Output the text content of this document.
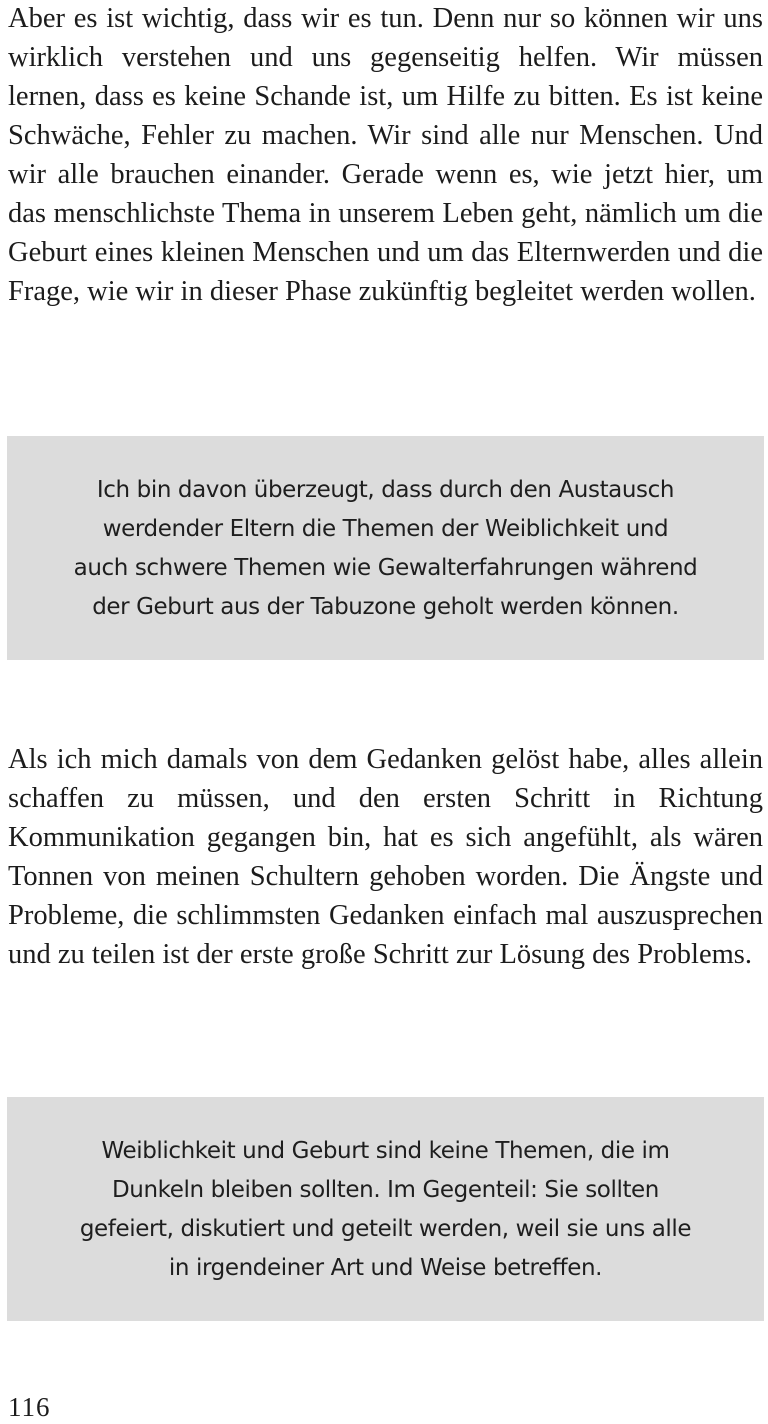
Aber es ist wichtig, dass wir es tun. Denn nur so können wir uns wirklich verstehen und uns gegenseitig helfen. Wir müssen lernen, dass es keine Schande ist, um Hilfe zu bitten. Es ist keine Schwäche, Fehler zu machen. Wir sind alle nur Menschen. Und wir alle brauchen einander. Gerade wenn es, wie jetzt hier, um das menschlichste Thema in unserem Leben geht, nämlich um die Geburt eines kleinen Menschen und um das Elternwerden und die Frage, wie wir in dieser Phase zukünftig begleitet werden wollen.

Ich bin davon überzeugt, dass durch den Austausch
werdender Eltern die Themen der Weiblichkeit und
auch schwere Themen wie Gewalterfahrungen während
der Geburt aus der Tabuzone geholt werden können.

Als ich mich damals von dem Gedanken gelöst habe, alles allein schaffen zu müssen, und den ersten Schritt in Richtung Kommunikation gegangen bin, hat es sich angefühlt, als wären Tonnen von meinen Schultern gehoben worden. Die Ängste und Probleme, die schlimmsten Gedanken einfach mal auszusprechen und zu teilen ist der erste große Schritt zur Lösung des Problems.

Weiblichkeit und Geburt sind keine Themen, die im
Dunkeln bleiben sollten. Im Gegenteil: Sie sollten
gefeiert, diskutiert und geteilt werden, weil sie uns alle
in irgendeiner Art und Weise betreffen.
116
